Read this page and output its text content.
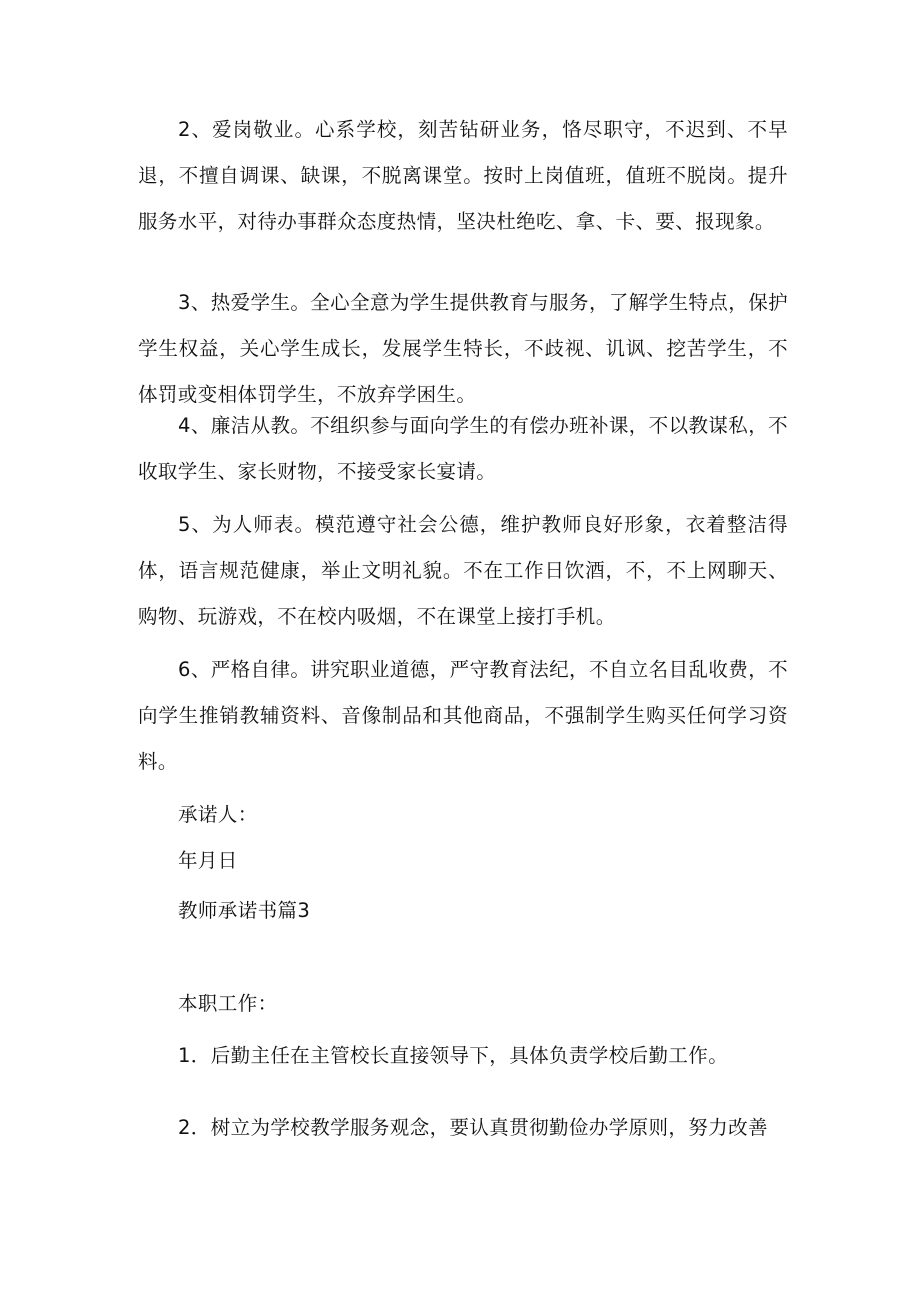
2、爱岗敬业。心系学校，刻苦钻研业务，恪尽职守，不迟到、不早退，不擅自调课、缺课，不脱离课堂。按时上岗值班，值班不脱岗。提升服务水平，对待办事群众态度热情，坚决杜绝吃、拿、卡、要、报现象。

3、热爱学生。全心全意为学生提供教育与服务，了解学生特点，保护学生权益，关心学生成长，发展学生特长，不歧视、讥讽、挖苦学生，不体罚或变相体罚学生，不放弃学困生。

4、廉洁从教。不组织参与面向学生的有偿办班补课，不以教谋私，不收取学生、家长财物，不接受家长宴请。

5、为人师表。模范遵守社会公德，维护教师良好形象，衣着整洁得体，语言规范健康，举止文明礼貌。不在工作日饮酒，不，不上网聊天、购物、玩游戏，不在校内吸烟，不在课堂上接打手机。

6、严格自律。讲究职业道德，严守教育法纪，不自立名目乱收费，不向学生推销教辅资料、音像制品和其他商品，不强制学生购买任何学习资料。

承诺人：

年月日

教师承诺书篇3

本职工作：

1．后勤主任在主管校长直接领导下，具体负责学校后勤工作。

2．树立为学校教学服务观念，要认真贯彻勤俭办学原则，努力改善
